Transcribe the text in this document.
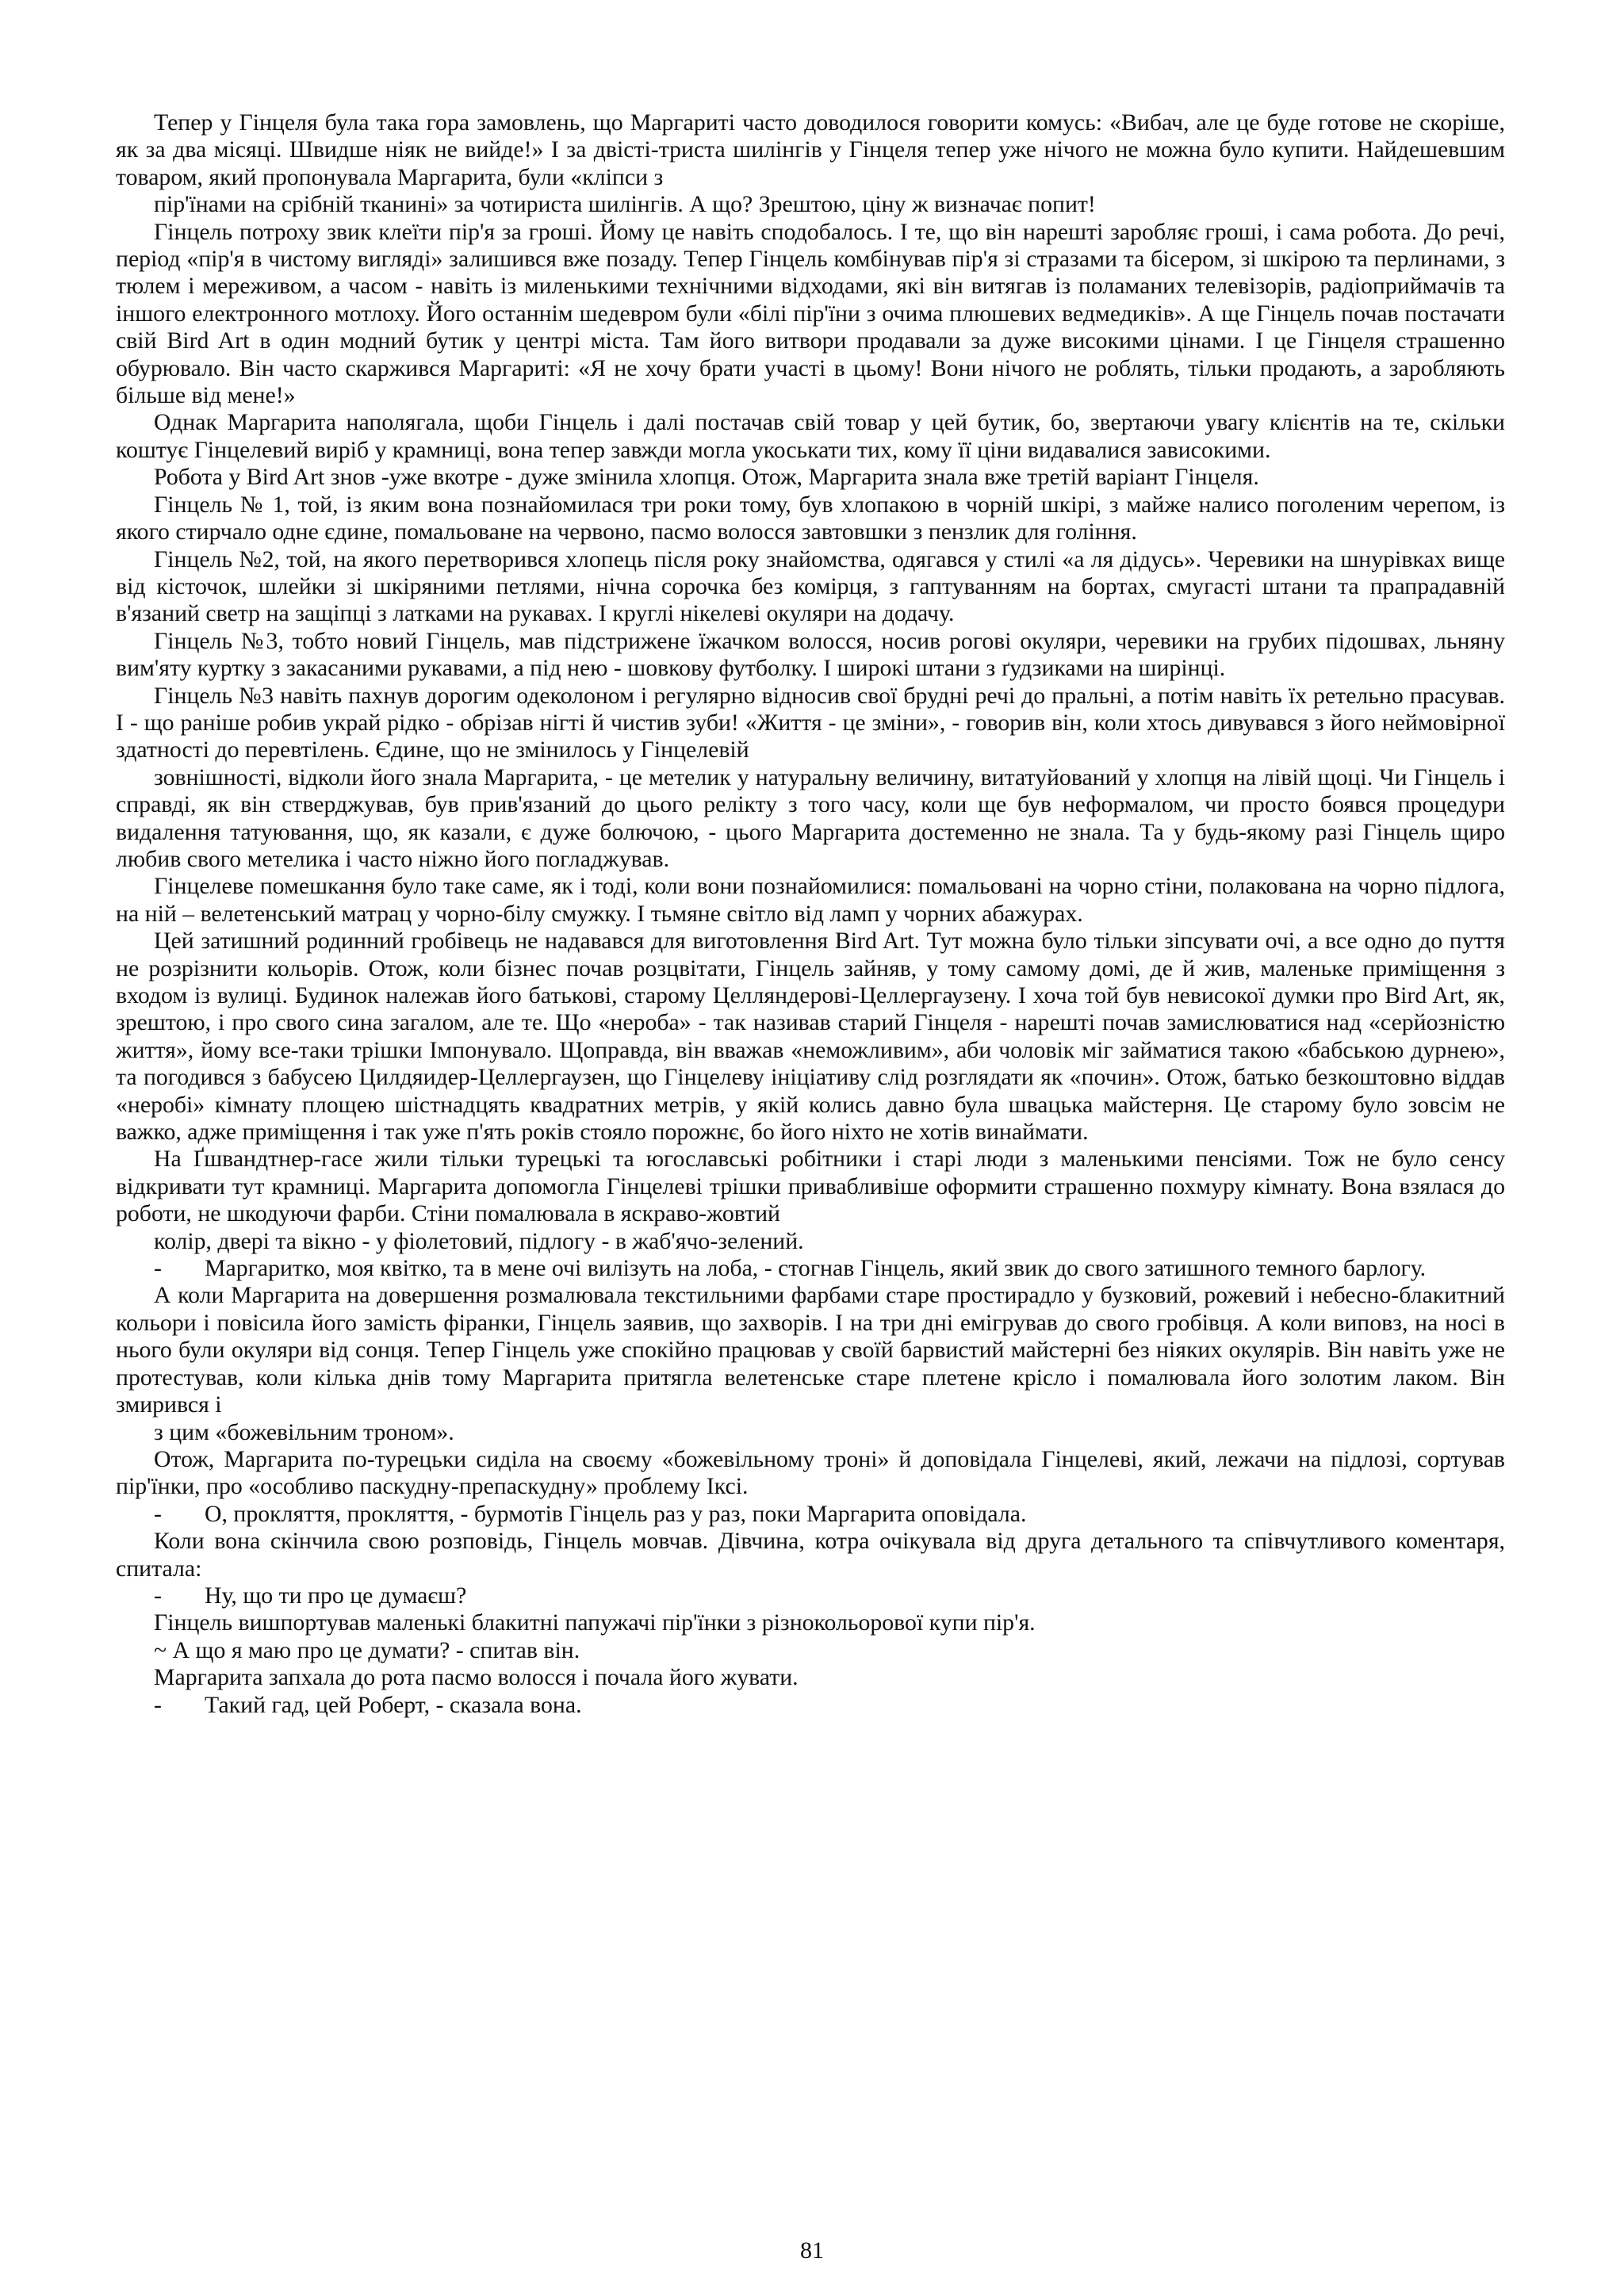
Тепер у Гінцеля була така гора замовлень, що Маргариті часто доводилося говорити комусь: «Вибач, але це буде готове не скоріше, як за два місяці. Швидше ніяк не вийде!» І за двісті-триста шилінгів у Гінцеля тепер уже нічого не можна було купити. Найдешевшим товаром, який пропонувала Маргарита, були «кліпси з

пір'їнами на срібній тканині» за чотириста шилінгів. А що? Зрештою, ціну ж визначає попит!

Гінцель потроху звик клеїти пір'я за гроші. Йому це навіть сподобалось. І те, що він нарешті заробляє гроші, і сама робота. До речі, період «пір'я в чистому вигляді» залишився вже позаду. Тепер Гінцель комбінував пір'я зі стразами та бісером, зі шкірою та перлинами, з тюлем і мереживом, а часом - навіть із миленькими технічними відходами, які він витягав із поламаних телевізорів, радіоприймачів та іншого електронного мотлоху. Його останнім шедевром були «білі пір'їни з очима плюшевих ведмедиків». А ще Гінцель почав постачати свій Bird Art в один модний бутик у центрі міста. Там його витвори продавали за дуже високими цінами. І це Гінцеля страшенно обурювало. Він часто скаржився Маргариті: «Я не хочу брати участі в цьому! Вони нічого не роблять, тільки продають, а заробляють більше від мене!»

Однак Маргарита наполягала, щоби Гінцель і далі постачав свій товар у цей бутик, бо, звертаючи увагу клієнтів на те, скільки коштує Гінцелевий виріб у крамниці, вона тепер завжди могла укоськати тих, кому її ціни видавалися зависокими.

Робота у Bird Art знов -уже вкотре - дуже змінила хлопця. Отож, Маргарита знала вже третій варіант Гінцеля.

Гінцель № 1, той, із яким вона познайомилася три роки тому, був хлопакою в чорній шкірі, з майже налисо поголеним черепом, із якого стирчало одне єдине, помальоване на червоно, пасмо волосся завтовшки з пензлик для гоління.

Гінцель №2, той, на якого перетворився хлопець після року знайомства, одягався у стилі «а ля дідусь». Черевики на шнурівках вище від кісточок, шлейки зі шкіряними петлями, нічна сорочка без комірця, з гаптуванням на бортах, смугасті штани та прапрадавній в'язаний светр на защіпці з латками на рукавах. І круглі нікелеві окуляри на додачу.

Гінцель №3, тобто новий Гінцель, мав підстрижене їжачком волосся, носив рогові окуляри, черевики на грубих підошвах, льняну вим'яту куртку з закасаними рукавами, а під нею - шовкову футболку. І широкі штани з ґудзиками на ширінці.

Гінцель №3 навіть пахнув дорогим одеколоном і регулярно відносив свої брудні речі до пральні, а потім навіть їх ретельно прасував. І - що раніше робив украй рідко - обрізав нігті й чистив зуби! «Життя - це зміни», - говорив він, коли хтось дивувався з його неймовірної здатності до перевтілень. Єдине, що не змінилось у Гінцелевій

зовнішності, відколи його знала Маргарита, - це метелик у натуральну величину, витатуйований у хлопця на лівій щоці. Чи Гінцель і справді, як він стверджував, був прив'язаний до цього релікту з того часу, коли ще був неформалом, чи просто боявся процедури видалення татуювання, що, як казали, є дуже болючою, - цього Маргарита достеменно не знала. Та у будь-якому разі Гінцель щиро любив свого метелика і часто ніжно його погладжував.

Гінцелеве помешкання було таке саме, як і тоді, коли вони познайомилися: помальовані на чорно стіни, полакована на чорно підлога, на ній – велетенський матрац у чорно-білу смужку. І тьмяне світло від ламп у чорних абажурах.

Цей затишний родинний гробівець не надавався для виготовлення Bird Art. Тут можна було тільки зіпсувати очі, а все одно до пуття не розрізнити кольорів. Отож, коли бізнес почав розцвітати, Гінцель зайняв, у тому самому домі, де й жив, маленьке приміщення з входом із вулиці. Будинок належав його батькові, старому Целляндерові-Целлергаузену. І хоча той був невисокої думки про Bird Art, як, зрештою, і про свого сина загалом, але те. Що «нероба» - так називав старий Гінцеля - нарешті почав замислюватися над «серйозністю життя», йому все-таки трішки Імпонувало. Щоправда, він вважав «неможливим», аби чоловік міг займатися такою «бабською дурнею», та погодився з бабусею Цилдяидер-Целлергаузен, що Гінцелеву ініціативу слід розглядати як «почин». Отож, батько безкоштовно віддав «неробі» кімнату площею шістнадцять квадратних метрів, у якій колись давно була швацька майстерня. Це старому було зовсім не важко, адже приміщення і так уже п'ять років стояло порожнє, бо його ніхто не хотів винаймати.

На Ґшвандтнер-гасе жили тільки турецькі та югославські робітники і старі люди з маленькими пенсіями. Тож не було сенсу відкривати тут крамниці. Маргарита допомогла Гінцелеві трішки привабливіше оформити страшенно похмуру кімнату. Вона взялася до роботи, не шкодуючи фарби. Стіни помалювала в яскраво-жовтий

колір, двері та вікно - у фіолетовий, підлогу - в жаб'ячо-зелений.

- Маргаритко, моя квітко, та в мене очі вилізуть на лоба, - стогнав Гінцель, який звик до свого затишного темного барлогу.

А коли Маргарита на довершення розмалювала текстильними фарбами старе простирадло у бузковий, рожевий і небесно-блакитний кольори і повісила його замість фіранки, Гінцель заявив, що захворів. І на три дні емігрував до свого гробівця. А коли виповз, на носі в нього були окуляри від сонця. Тепер Гінцель уже спокійно працював у своїй барвистий майстерні без ніяких окулярів. Він навіть уже не протестував, коли кілька днів тому Маргарита притягла велетенське старе плетене крісло і помалювала його золотим лаком. Він змирився і

з цим «божевільним троном».

Отож, Маргарита по-турецьки сиділа на своєму «божевільному троні» й доповідала Гінцелеві, який, лежачи на підлозі, сортував пір'їнки, про «особливо паскудну-препаскудну» проблему Іксі.

- О, прокляття, прокляття, - бурмотів Гінцель раз у раз, поки Маргарита оповідала.

Коли вона скінчила свою розповідь, Гінцель мовчав. Дівчина, котра очікувала від друга детального та співчутливого коментаря, спитала:

- Ну, що ти про це думаєш?

Гінцель вишпортував маленькі блакитні папужачі пір'їнки з різнокольорової купи пір'я.

~ А що я маю про це думати? - спитав він.

Маргарита запхала до рота пасмо волосся і почала його жувати.

- Такий гад, цей Роберт, - сказала вона.

81
